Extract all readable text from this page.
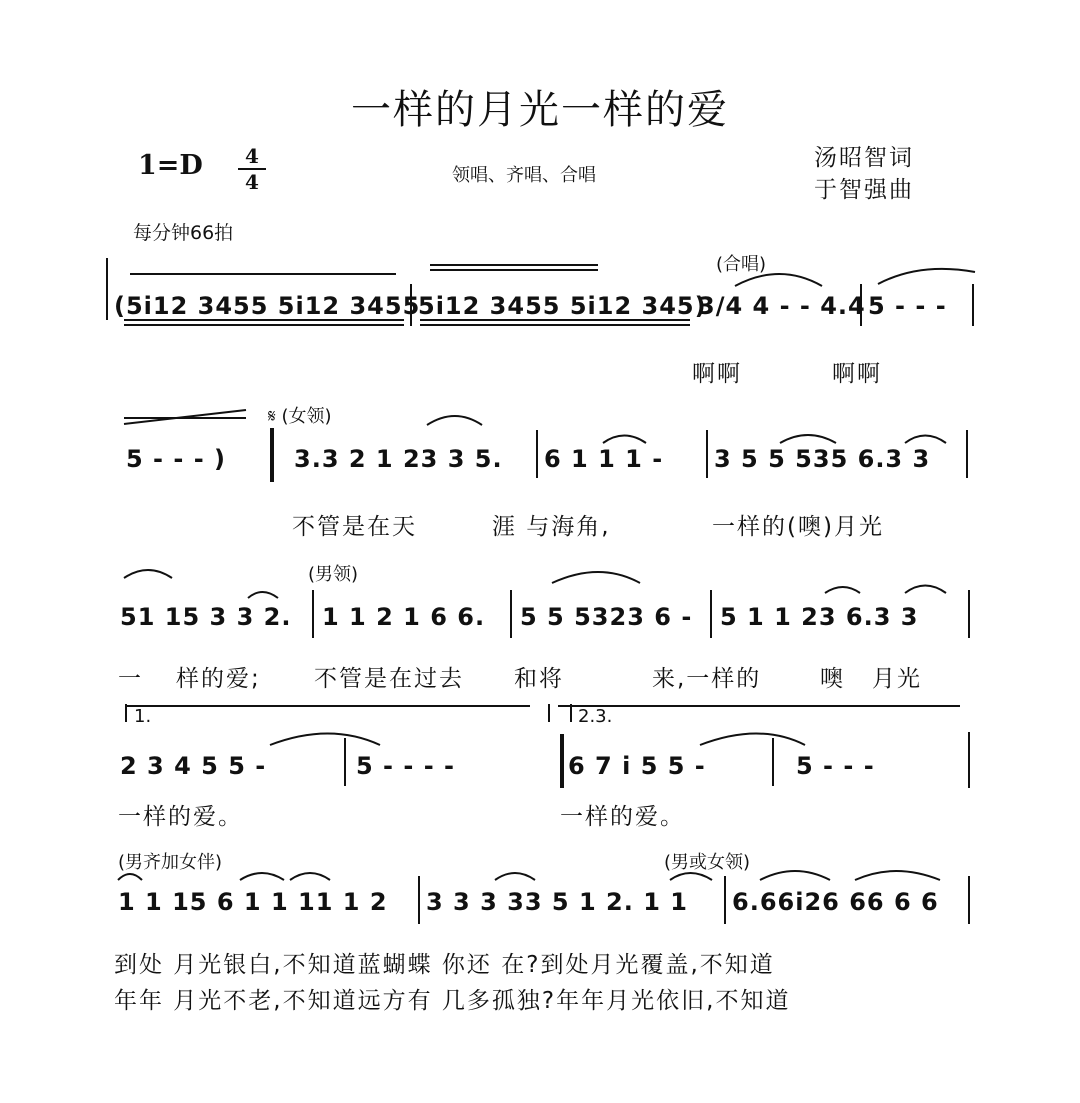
一样的月光一样的爱
1=D	4
4	领唱、齐唱、合唱
汤昭智词
于智强曲
每分钟66拍
(合唱)
(5i12 3455 5i12 3455
5i12 3455 5i12 345)
3/4 4 - - 4.4 5 - - -
啊啊	啊啊
𝄋 (女领)
5 - - - )	3.3 2 1 23 3 5. 6 1 1 1 - 3 5 5 535 6.3 3
不管是在天	涯 与海角,	一样的(噢)月光
(男领)
51 15 3 3 2. 1 1 2 1 6 6. 5 5 5323 6 - 5 1 1 23 6.3 3
一 样的爱; 不管是在过去 和将	来,一样的	噢 月光
1.	2.3.
2 3 4 5 5 -	5 - - - -	6 7 i 5 5 -	5 - - -
一样的爱。	一样的爱。
(男齐加女伴)	(男或女领)
1 1 15 6 1 1 11 1 2 3 3 3 33 5 1 2. 1 1 6.66i26 66 6 6
到处 月光银白,不知道蓝蝴蝶 你还 在?到处月光覆盖,不知道
年年 月光不老,不知道远方有 几多孤独?年年月光依旧,不知道
